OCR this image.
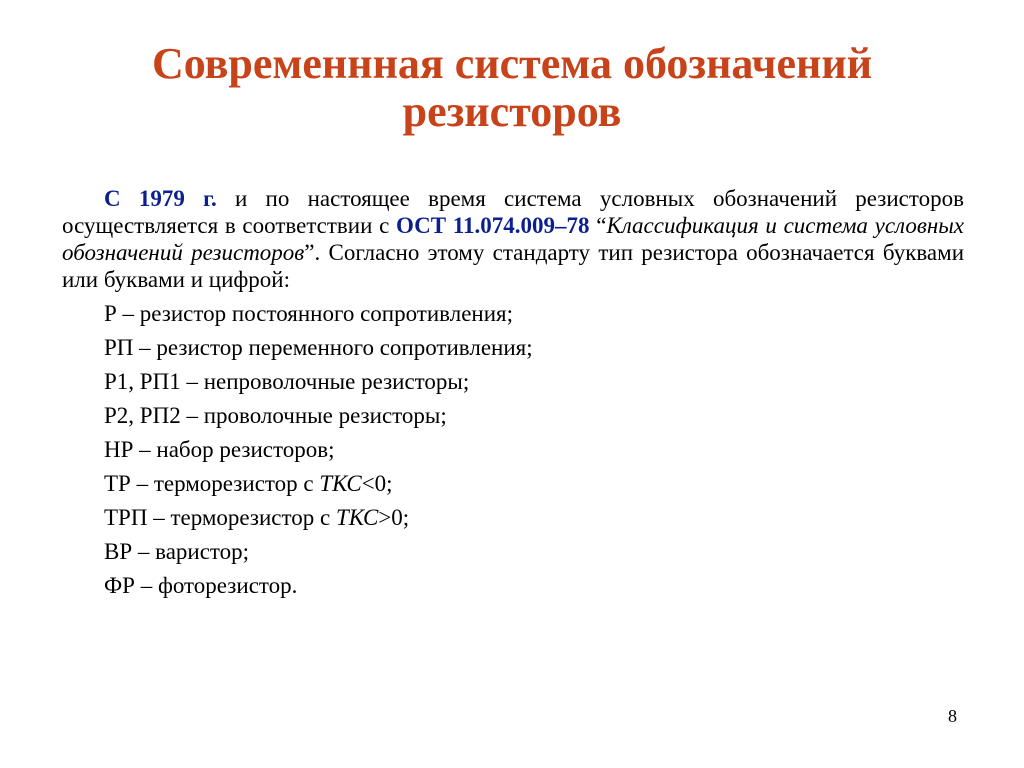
Современнная система обозначений
резисторов

С 1979 г. и по настоящее время система условных обозначений резисторов осуществляется в соответствии с ОСТ 11.074.009–78 “Классификация и система условных обозначений резисторов”. Согласно этому стандарту тип резистора обозначается буквами или буквами и цифрой:

Р – резистор постоянного сопротивления;
РП – резистор переменного сопротивления;
Р1, РП1 – непроволочные резисторы;
Р2, РП2 – проволочные резисторы;
НР – набор резисторов;
ТР – терморезистор с ТКС<0;
ТРП – терморезистор с ТКС>0;
ВР – варистор;
ФР – фоторезистор.
8
